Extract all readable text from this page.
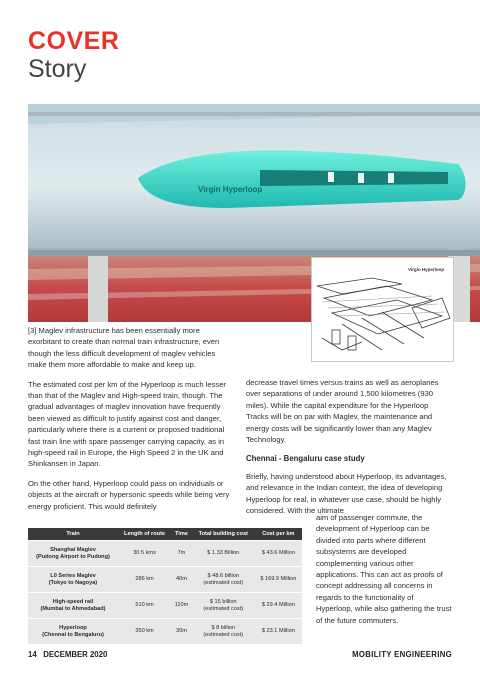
COVER
Story
Virgin Hyperloop
Virgin Hyperloop

[3] Maglev infrastructure has been essentially more exorbitant to create than normal train infrastructure, even though the less difficult development of maglev vehicles make them more affordable to make and keep up.

The estimated cost per km of the Hyperloop is much lesser than that of the Maglev and High-speed train, though. The gradual advantages of maglev innovation have frequently been viewed as difficult to justify against cost and danger, particularly where there is a current or proposed traditional fast train line with spare passenger carrying capacity, as in high-speed rail in Europe, the High Speed 2 in the UK and Shinkansen in Japan.

On the other hand, Hyperloop could pass on individuals or objects at the aircraft or hypersonic speeds while being very energy proficient. This would definitely

decrease travel times versus trains as well as aeroplanes over separations of under around 1,500 kilometres (930 miles). While the capital expenditure for the Hyperloop Tracks will be on par with Maglev, the maintenance and energy costs will be significantly lower than any Maglev Technology.

Chennai - Bengaluru case study

Briefly, having understood about Hyperloop, its advantages, and relevance in the Indian context, the idea of developing Hyperloop for real, in whatever use case, should be highly considered. With the ultimate

aim of passenger commute, the development of Hyperloop can be divided into parts where different subsystems are developed complementing various other applications. This can act as proofs of concept addressing all concerns in regards to the functionality of Hyperloop, while also gathering the trust of the future commuters.
Train	Length of route	Time	Total building cost	Cost per km
Shanghai Maglev
(Pudong Airport to Pudong)	30.5 kms	7m	$ 1.33 Billion	$ 43.6 Million
L0 Series Maglev
(Tokyo to Nagoya)	286 km	40m	$ 48.6 billion
(estimated cost)	$ 169.9 Million
High-speed rail
(Mumbai to Ahmedabad)	510 km	110m	$ 15 billion
(estimated cost)	$ 29.4 Million
Hyperloop
(Chennai to Bengaluru)	350 km	30m	$ 8 billion
(estimated cost)	$ 23.1 Million
14 DECEMBER 2020	MOBILITY ENGINEERING
